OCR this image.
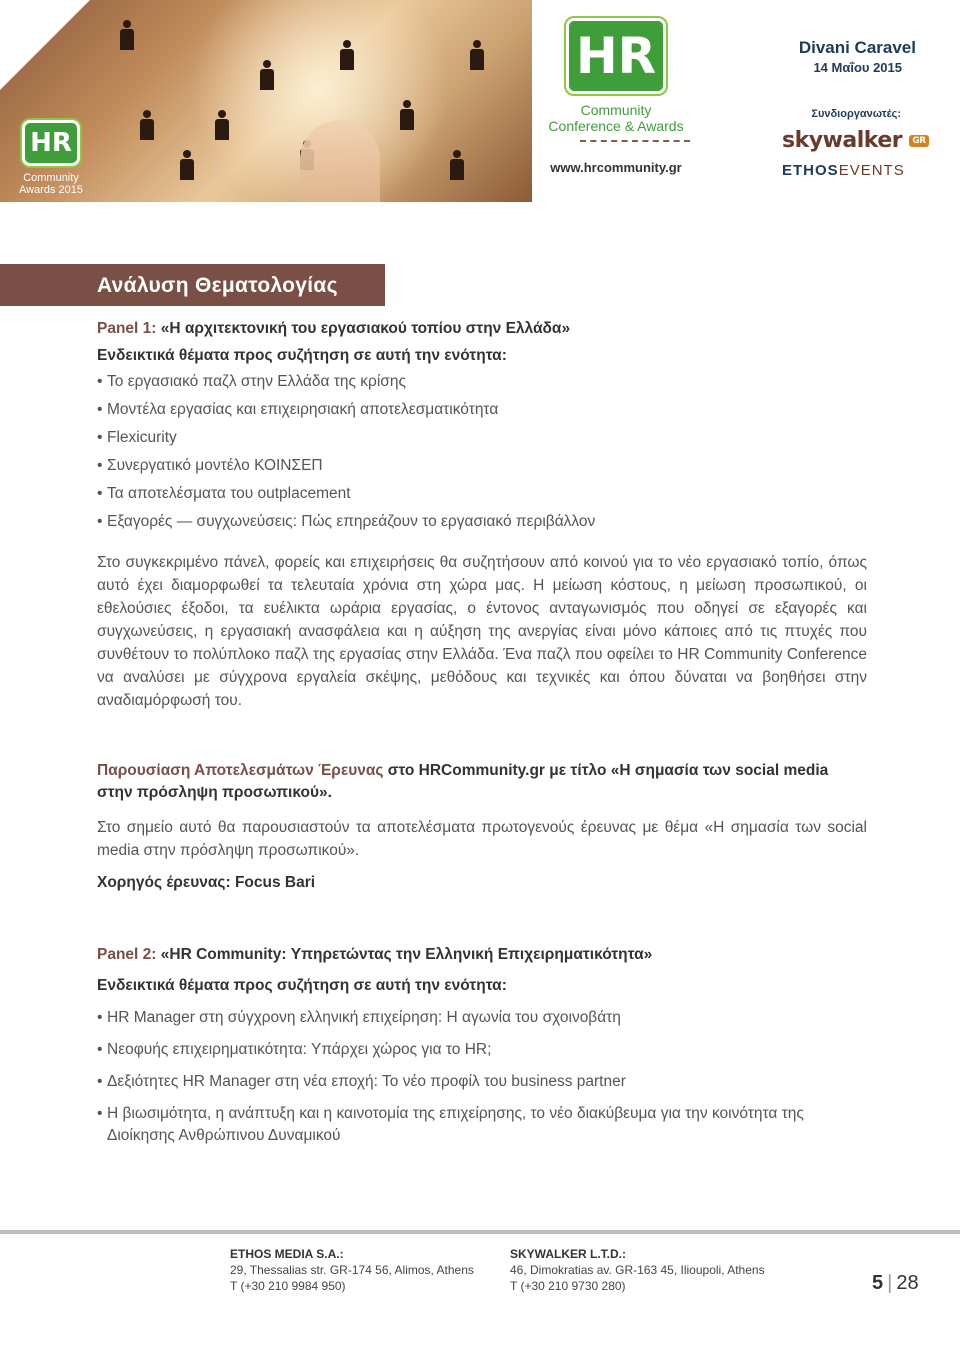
HR
Community
Awards 2015
HR
Community
Conference & Awards
www.hrcommunity.gr
Divani Caravel
14 Μαΐου 2015
Συνδιοργανωτές:
skywalker GR
ETHOSEVENTS
Ανάλυση Θεματολογίας
Panel 1: «Η αρχιτεκτονική του εργασιακού τοπίου στην Ελλάδα»
Ενδεικτικά θέματα προς συζήτηση σε αυτή την ενότητα:
• Το εργασιακό παζλ στην Ελλάδα της κρίσης
• Μοντέλα εργασίας και επιχειρησιακή αποτελεσματικότητα
• Flexicurity
• Συνεργατικό μοντέλο ΚΟΙΝΣΕΠ
• Τα αποτελέσματα του outplacement
• Εξαγορές — συγχωνεύσεις: Πώς επηρεάζουν το εργασιακό περιβάλλον

Στο συγκεκριμένο πάνελ, φορείς και επιχειρήσεις θα συζητήσουν από κοινού για το νέο εργασιακό τοπίο, όπως αυτό έχει διαμορφωθεί τα τελευταία χρόνια στη χώρα μας. Η μείωση κόστους, η μείωση προσωπικού, οι εθελούσιες έξοδοι, τα ευέλικτα ωράρια εργασίας, ο έντονος ανταγωνισμός που οδηγεί σε εξαγορές και συγχωνεύσεις, η εργασιακή ανασφάλεια και η αύξηση της ανεργίας είναι μόνο κάποιες από τις πτυχές που συνθέτουν το πολύπλοκο παζλ της εργασίας στην Ελλάδα. Ένα παζλ που οφείλει το HR Community Conference να αναλύσει με σύγχρονα εργαλεία σκέψης, μεθόδους και τεχνικές και όπου δύναται να βοηθήσει στην αναδιαμόρφωσή του.

Παρουσίαση Αποτελεσμάτων Έρευνας στο HRCommunity.gr με τίτλο «Η σημασία των social media στην πρόσληψη προσωπικού».

Στο σημείο αυτό θα παρουσιαστούν τα αποτελέσματα πρωτογενούς έρευνας με θέμα «Η σημασία των social media στην πρόσληψη προσωπικού».

Χορηγός έρευνας: Focus Bari
Panel 2: «HR Community: Υπηρετώντας την Ελληνική Επιχειρηματικότητα»
Ενδεικτικά θέματα προς συζήτηση σε αυτή την ενότητα:
• HR Manager στη σύγχρονη ελληνική επιχείρηση: Η αγωνία του σχοινοβάτη
• Νεοφυής επιχειρηματικότητα: Υπάρχει χώρος για το HR;
• Δεξιότητες HR Manager στη νέα εποχή: Το νέο προφίλ του business partner
• Η βιωσιμότητα, η ανάπτυξη και η καινοτομία της επιχείρησης, το νέο διακύβευμα για την κοινότητα της Διοίκησης Ανθρώπινου Δυναμικού
ETHOS MEDIA S.A.:
29, Thessalias str. GR-174 56, Alimos, Athens
T (+30 210 9984 950)
SKYWALKER L.T.D.:
46, Dimokratias av. GR-163 45, Ilioupoli, Athens
T (+30 210 9730 280)	5 | 28
